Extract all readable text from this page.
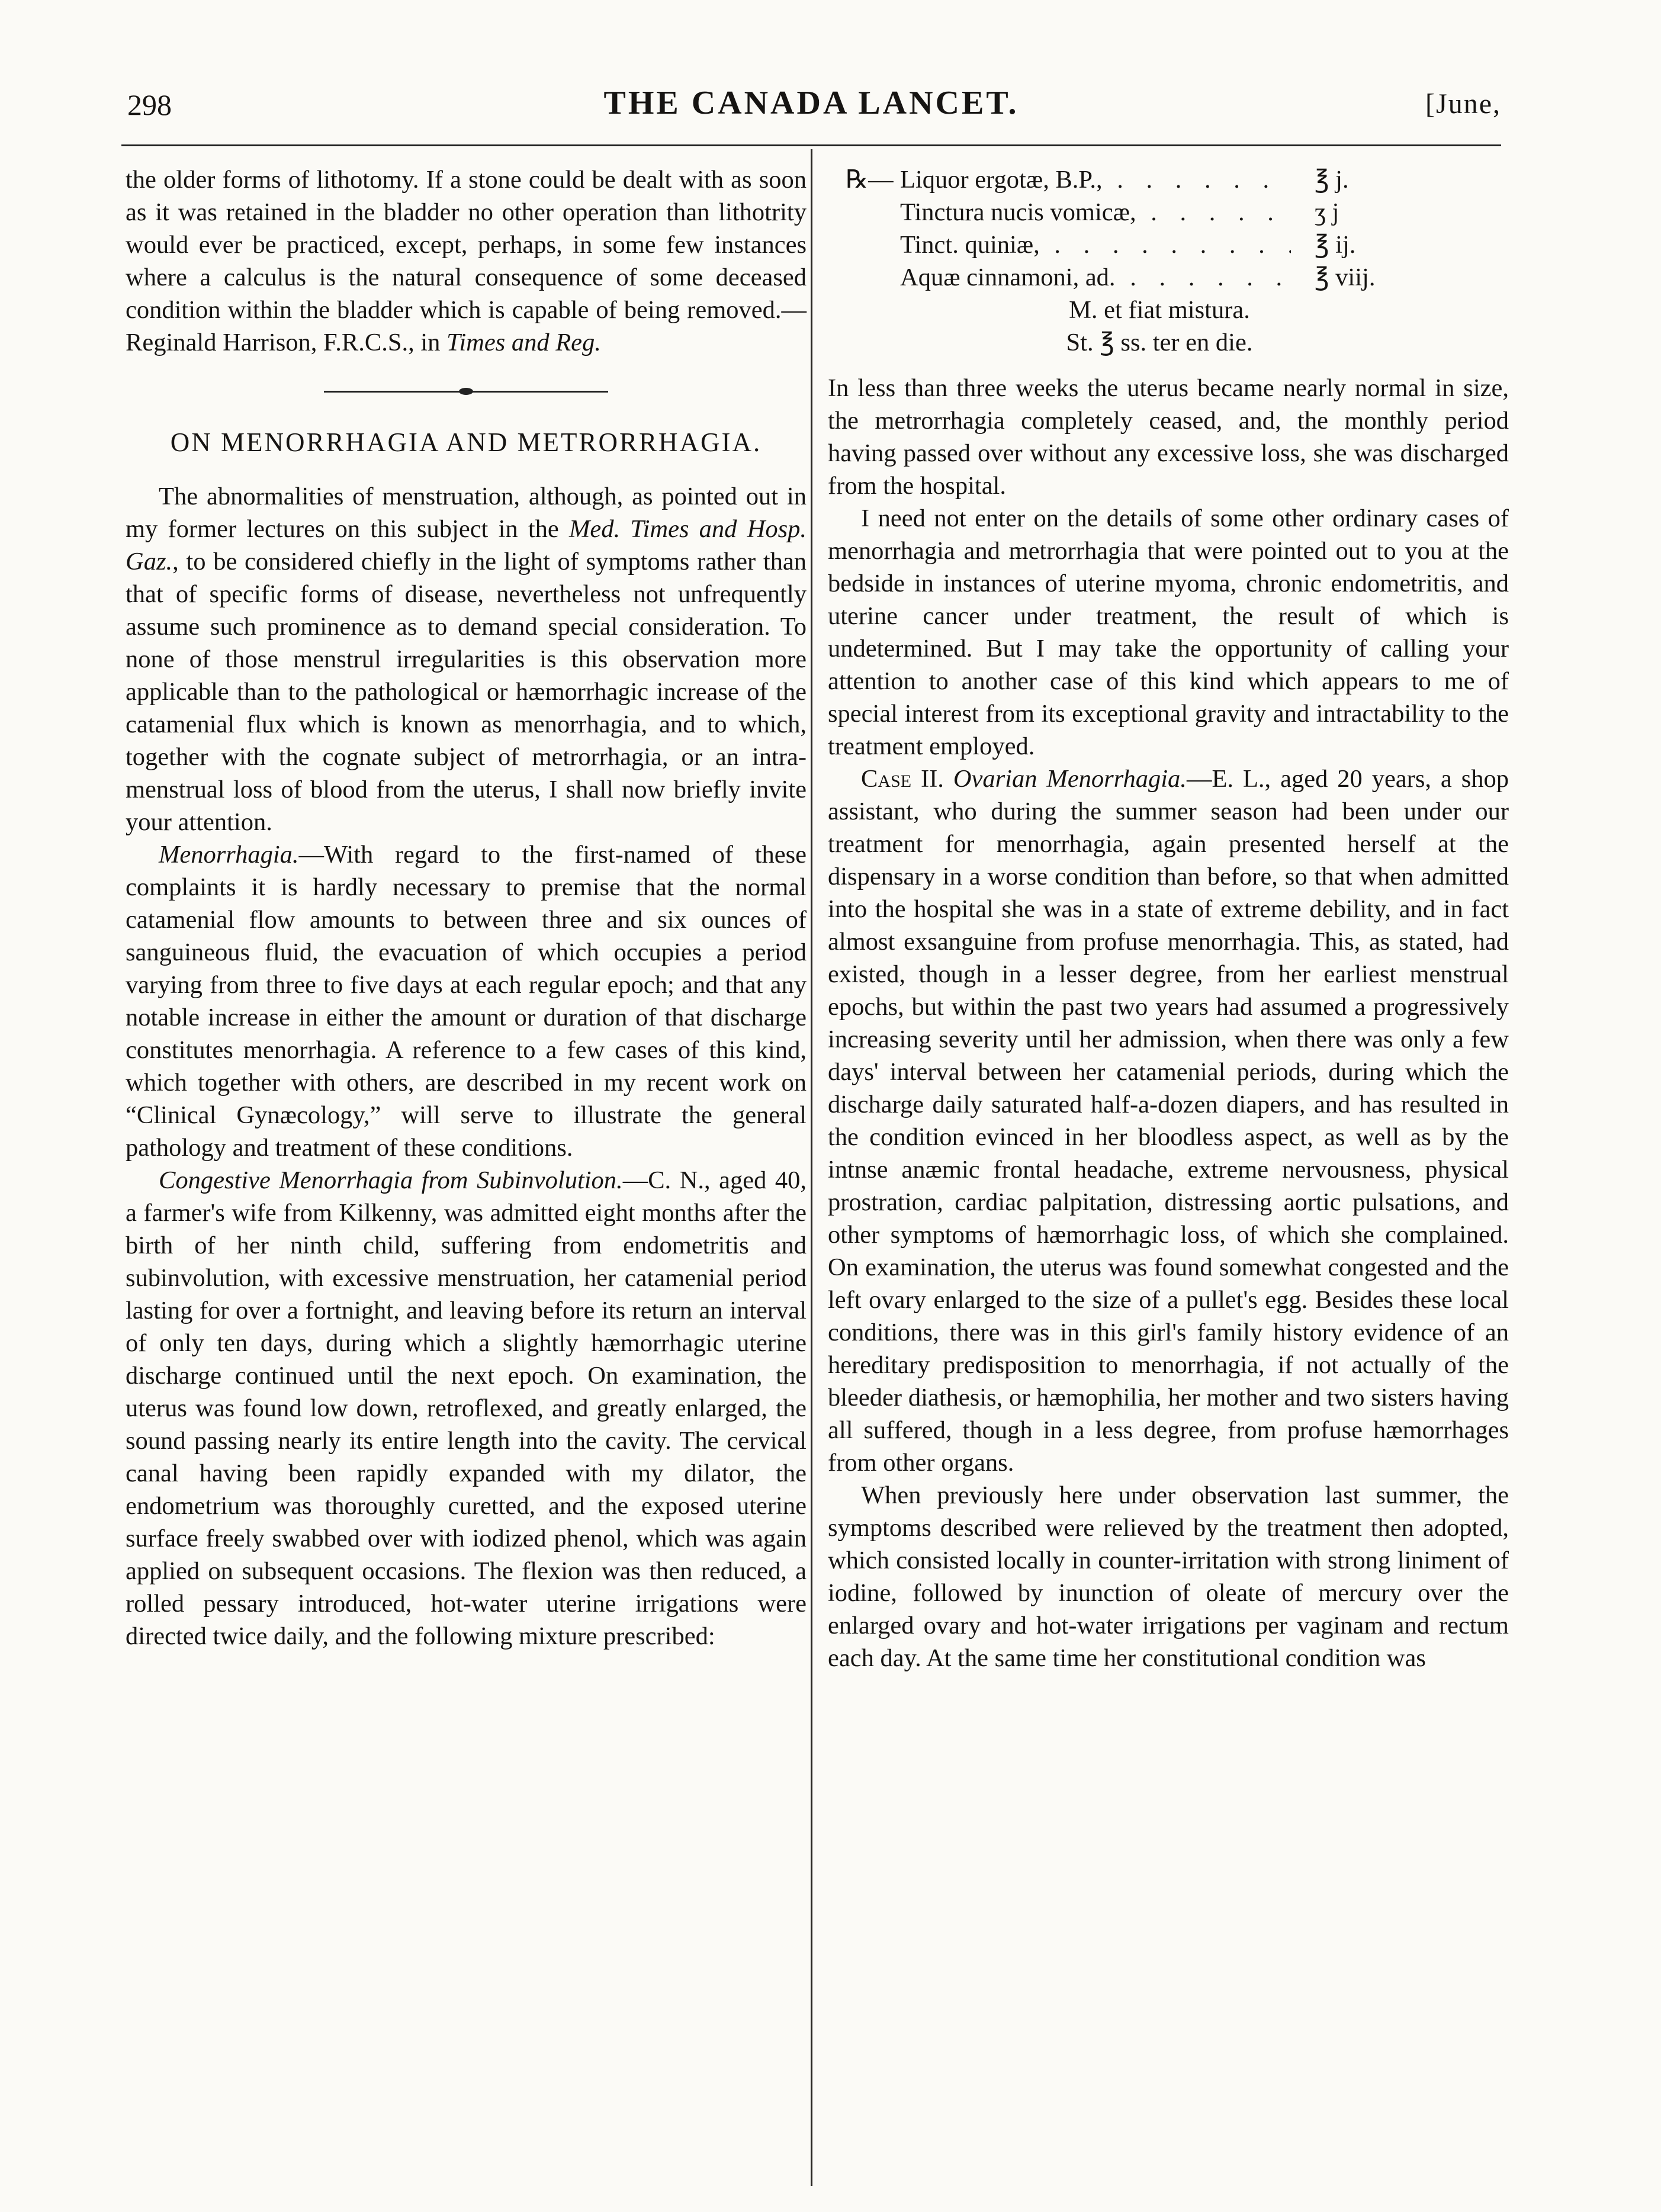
298	THE CANADA LANCET.	[June,

the older forms of lithotomy. If a stone could be dealt with as soon as it was retained in the bladder no other operation than lithotrity would ever be practiced, except, perhaps, in some few instances where a calculus is the natural consequence of some deceased condition within the bladder which is capable of being removed.—Reginald Harrison, F.R.C.S., in Times and Reg.

ON MENORRHAGIA AND METRORRHAGIA.

The abnormalities of menstruation, although, as pointed out in my former lectures on this subject in the Med. Times and Hosp. Gaz., to be considered chiefly in the light of symptoms rather than that of specific forms of disease, nevertheless not unfrequently assume such prominence as to demand special consideration. To none of those menstrul irregularities is this observation more applicable than to the pathological or hæmorrhagic increase of the catamenial flux which is known as menorrhagia, and to which, together with the cognate subject of metrorrhagia, or an intra-menstrual loss of blood from the uterus, I shall now briefly invite your attention.

Menorrhagia.—With regard to the first-named of these complaints it is hardly necessary to premise that the normal catamenial flow amounts to between three and six ounces of sanguineous fluid, the evacuation of which occupies a period varying from three to five days at each regular epoch; and that any notable increase in either the amount or duration of that discharge constitutes menorrhagia. A reference to a few cases of this kind, which together with others, are described in my recent work on “Clinical Gynæcology,” will serve to illustrate the general pathology and treatment of these conditions.

Congestive Menorrhagia from Subinvolution.—C. N., aged 40, a farmer's wife from Kilkenny, was admitted eight months after the birth of her ninth child, suffering from endometritis and subinvolution, with excessive menstruation, her catamenial period lasting for over a fortnight, and leaving before its return an interval of only ten days, during which a slightly hæmorrhagic uterine discharge continued until the next epoch. On examination, the uterus was found low down, retroflexed, and greatly enlarged, the sound passing nearly its entire length into the cavity. The cervical canal having been rapidly expanded with my dilator, the endometrium was thoroughly curetted, and the exposed uterine surface freely swabbed over with iodized phenol, which was again applied on subsequent occasions. The flexion was then reduced, a rolled pessary introduced, hot-water uterine irrigations were directed twice daily, and the following mixture prescribed:

℞— Liquor ergotæ, B.P., . . .	℥ j.
Tinctura nucis vomicæ, . . .	ʒ j
Tinct. quiniæ, . . .	℥ ij.
Aquæ cinnamoni, ad. . . .	℥ viij.
M. et fiat mistura.
St. ℥ ss. ter en die.

In less than three weeks the uterus became nearly normal in size, the metrorrhagia completely ceased, and, the monthly period having passed over without any excessive loss, she was discharged from the hospital.

I need not enter on the details of some other ordinary cases of menorrhagia and metrorrhagia that were pointed out to you at the bedside in instances of uterine myoma, chronic endometritis, and uterine cancer under treatment, the result of which is undetermined. But I may take the opportunity of calling your attention to another case of this kind which appears to me of special interest from its exceptional gravity and intractability to the treatment employed.

Case II. Ovarian Menorrhagia.—E. L., aged 20 years, a shop assistant, who during the summer season had been under our treatment for menorrhagia, again presented herself at the dispensary in a worse condition than before, so that when admitted into the hospital she was in a state of extreme debility, and in fact almost exsanguine from profuse menorrhagia. This, as stated, had existed, though in a lesser degree, from her earliest menstrual epochs, but within the past two years had assumed a progressively increasing severity until her admission, when there was only a few days' interval between her catamenial periods, during which the discharge daily saturated half-a-dozen diapers, and has resulted in the condition evinced in her bloodless aspect, as well as by the intnse anæmic frontal headache, extreme nervousness, physical prostration, cardiac palpitation, distressing aortic pulsations, and other symptoms of hæmorrhagic loss, of which she complained. On examination, the uterus was found somewhat congested and the left ovary enlarged to the size of a pullet's egg. Besides these local conditions, there was in this girl's family history evidence of an hereditary predisposition to menorrhagia, if not actually of the bleeder diathesis, or hæmophilia, her mother and two sisters having all suffered, though in a less degree, from profuse hæmorrhages from other organs.

When previously here under observation last summer, the symptoms described were relieved by the treatment then adopted, which consisted locally in counter-irritation with strong liniment of iodine, followed by inunction of oleate of mercury over the enlarged ovary and hot-water irrigations per vaginam and rectum each day. At the same time her constitutional condition was
